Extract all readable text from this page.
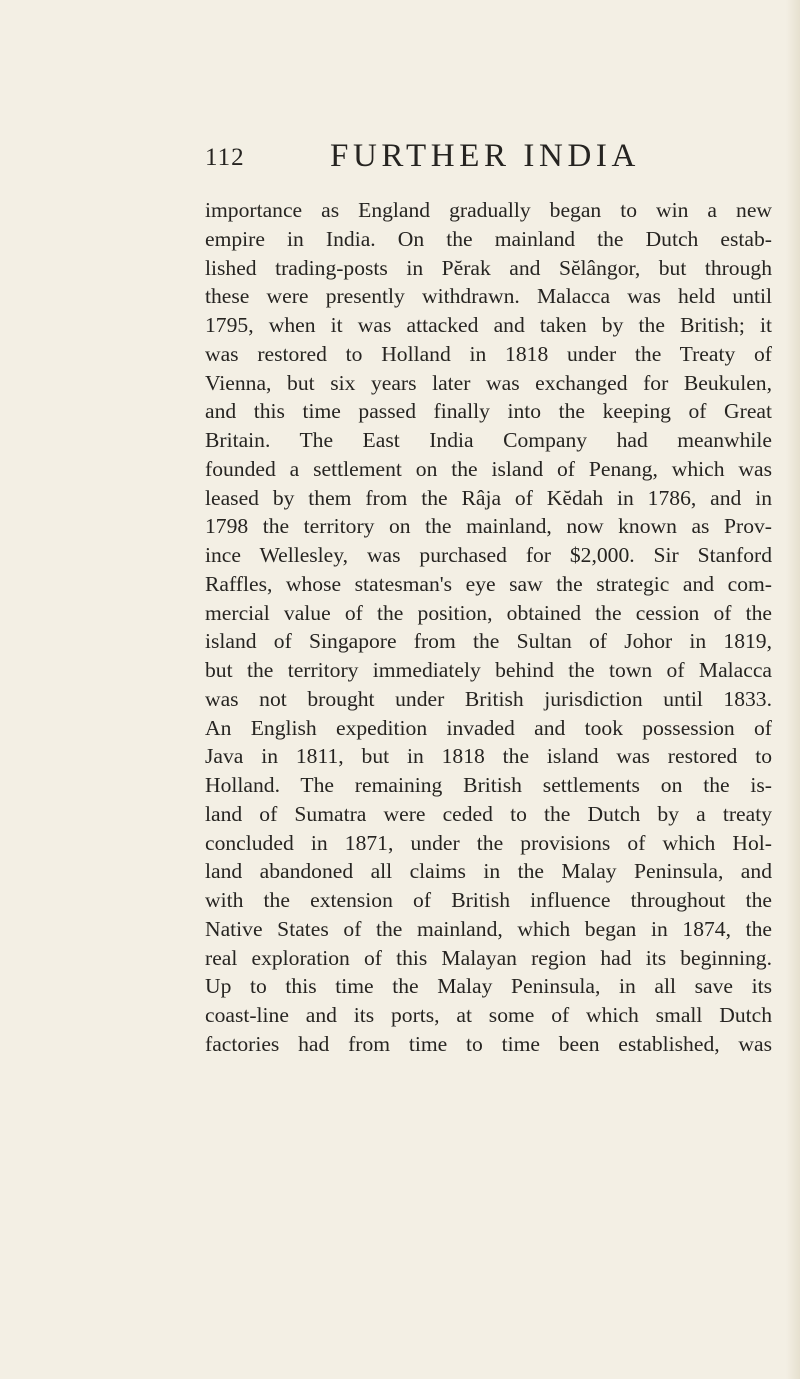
112	FURTHER INDIA
importance as England gradually began to win a new
empire in India. On the mainland the Dutch estab-
lished trading-posts in Pĕrak and Sĕlângor, but through
these were presently withdrawn. Malacca was held until
1795, when it was attacked and taken by the British; it
was restored to Holland in 1818 under the Treaty of
Vienna, but six years later was exchanged for Beukulen,
and this time passed finally into the keeping of Great
Britain. The East India Company had meanwhile
founded a settlement on the island of Penang, which was
leased by them from the Râja of Kĕdah in 1786, and in
1798 the territory on the mainland, now known as Prov-
ince Wellesley, was purchased for $2,000. Sir Stanford
Raffles, whose statesman's eye saw the strategic and com-
mercial value of the position, obtained the cession of the
island of Singapore from the Sultan of Johor in 1819,
but the territory immediately behind the town of Malacca
was not brought under British jurisdiction until 1833.
An English expedition invaded and took possession of
Java in 1811, but in 1818 the island was restored to
Holland. The remaining British settlements on the is-
land of Sumatra were ceded to the Dutch by a treaty
concluded in 1871, under the provisions of which Hol-
land abandoned all claims in the Malay Peninsula, and
with the extension of British influence throughout the
Native States of the mainland, which began in 1874, the
real exploration of this Malayan region had its beginning.
Up to this time the Malay Peninsula, in all save its
coast-line and its ports, at some of which small Dutch
factories had from time to time been established, was
